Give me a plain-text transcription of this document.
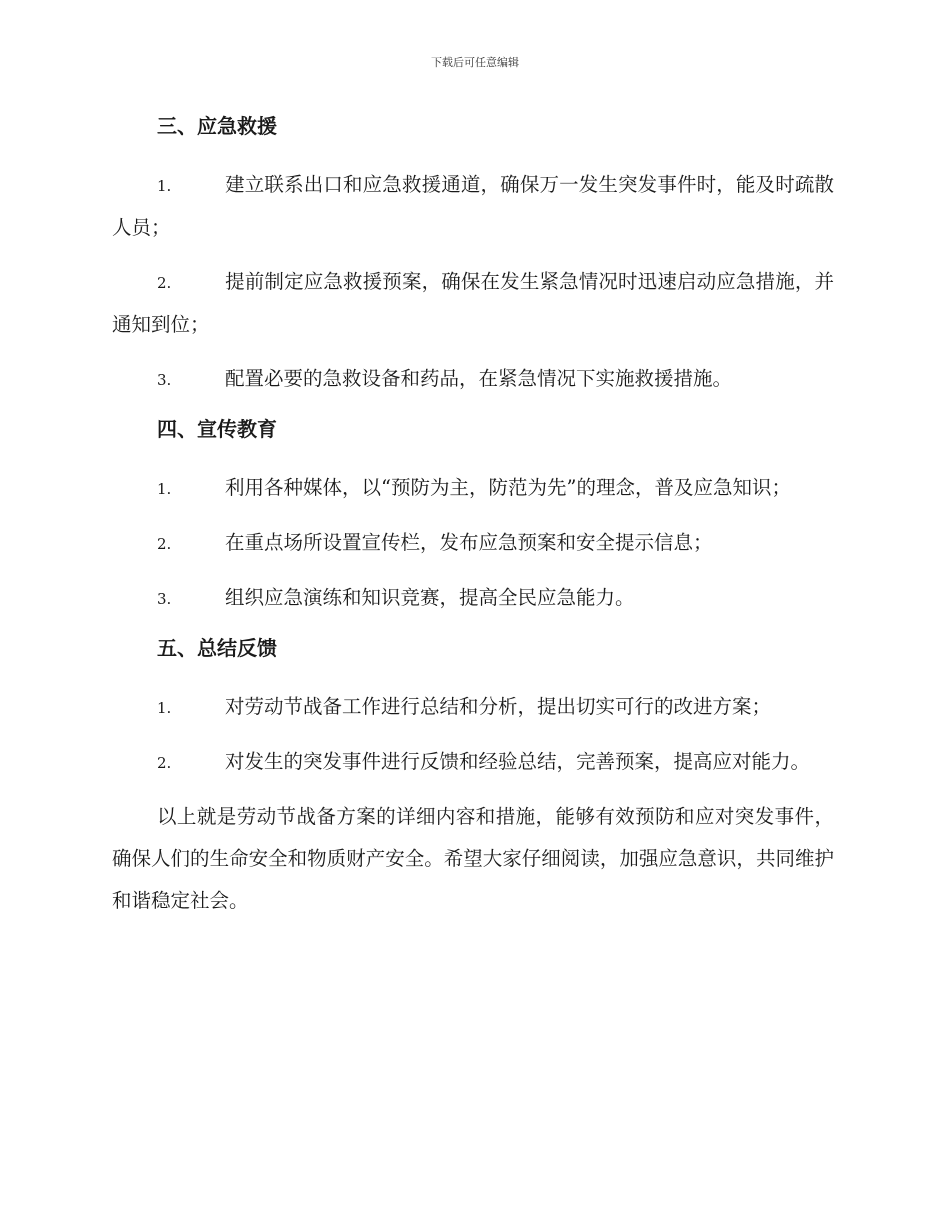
下载后可任意编辑
三、应急救援
1.	建立联系出口和应急救援通道，确保万一发生突发事件时，能及时疏散人员；
2.	提前制定应急救援预案，确保在发生紧急情况时迅速启动应急措施，并通知到位；
3.	配置必要的急救设备和药品，在紧急情况下实施救援措施。
四、宣传教育
1.	利用各种媒体，以“预防为主，防范为先”的理念，普及应急知识；
2.	在重点场所设置宣传栏，发布应急预案和安全提示信息；
3.	组织应急演练和知识竞赛，提高全民应急能力。
五、总结反馈
1.	对劳动节战备工作进行总结和分析，提出切实可行的改进方案；
2.	对发生的突发事件进行反馈和经验总结，完善预案，提高应对能力。

以上就是劳动节战备方案的详细内容和措施，能够有效预防和应对突发事件，确保人们的生命安全和物质财产安全。希望大家仔细阅读，加强应急意识，共同维护和谐稳定社会。
